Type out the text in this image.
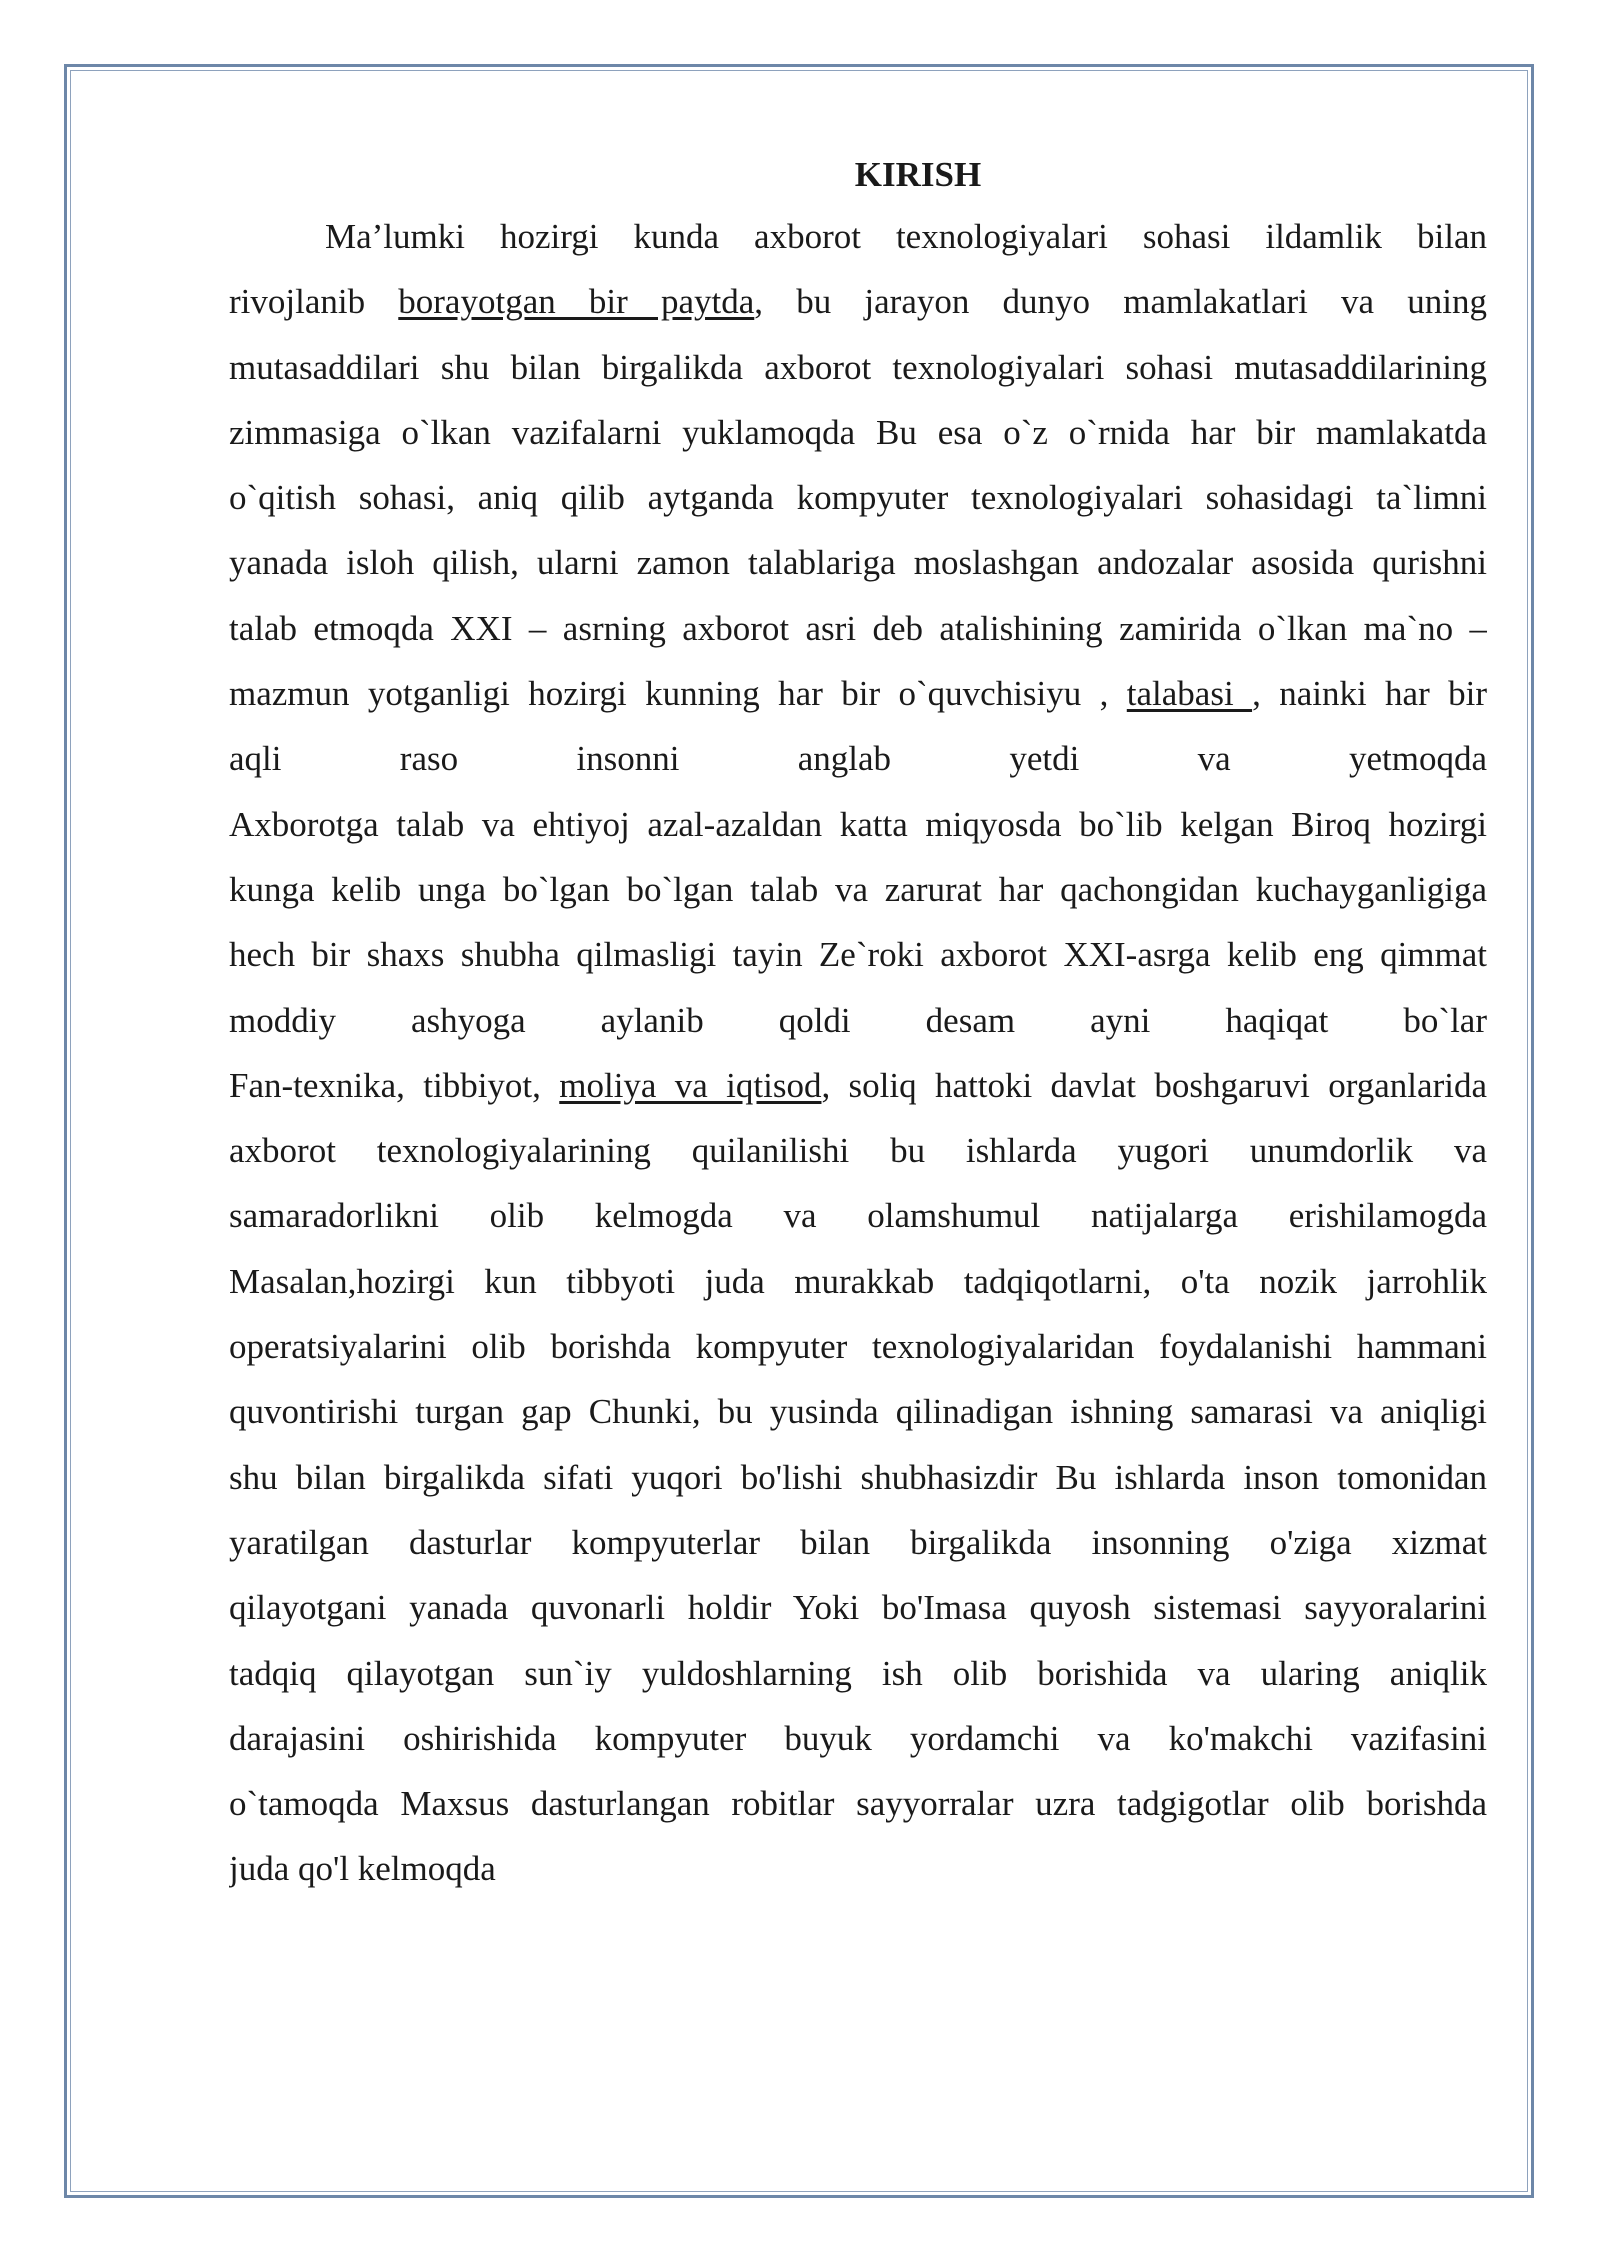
KIRISH
Ma’lumki hozirgi kunda axborot texnologiyalari sohasi ildamlik bilan
rivojlanib borayotgan bir paytda, bu jarayon dunyo mamlakatlari va uning
mutasaddilari shu bilan birgalikda axborot texnologiyalari sohasi mutasaddilarining
zimmasiga o`lkan vazifalarni yuklamoqda Bu esa o`z o`rnida har bir mamlakatda
o`qitish sohasi, aniq qilib aytganda kompyuter texnologiyalari sohasidagi ta`limni
yanada isloh qilish, ularni zamon talablariga moslashgan andozalar asosida qurishni
talab etmoqda XXI – asrning axborot asri deb atalishining zamirida o`lkan ma`no –
mazmun yotganligi hozirgi kunning har bir o`quvchisiyu , talabasi , nainki har bir
aqli raso insonni anglab yetdi va yetmoqda
Axborotga talab va ehtiyoj azal-azaldan katta miqyosda bo`lib kelgan Biroq hozirgi
kunga kelib unga bo`lgan bo`lgan talab va zarurat har qachongidan kuchayganligiga
hech bir shaxs shubha qilmasligi tayin Ze`roki axborot XXI-asrga kelib eng qimmat
moddiy ashyoga aylanib qoldi desam ayni haqiqat bo`lar
Fan-texnika, tibbiyot, moliya va iqtisod, soliq hattoki davlat boshgaruvi organlarida
axborot texnologiyalarining quilanilishi bu ishlarda yugori unumdorlik va
samaradorlikni olib kelmogda va olamshumul natijalarga erishilamogda
Masalan,hozirgi kun tibbyoti juda murakkab tadqiqotlarni, o'ta nozik jarrohlik
operatsiyalarini olib borishda kompyuter texnologiyalaridan foydalanishi hammani
quvontirishi turgan gap Chunki, bu yusinda qilinadigan ishning samarasi va aniqligi
shu bilan birgalikda sifati yuqori bo'lishi shubhasizdir Bu ishlarda inson tomonidan
yaratilgan dasturlar kompyuterlar bilan birgalikda insonning o'ziga xizmat
qilayotgani yanada quvonarli holdir Yoki bo'Imasa quyosh sistemasi sayyoralarini
tadqiq qilayotgan sun`iy yuldoshlarning ish olib borishida va ularing aniqlik
darajasini oshirishida kompyuter buyuk yordamchi va ko'makchi vazifasini
o`tamoqda Maxsus dasturlangan robitlar sayyorralar uzra tadgigotlar olib borishda
juda qo'l kelmoqda
